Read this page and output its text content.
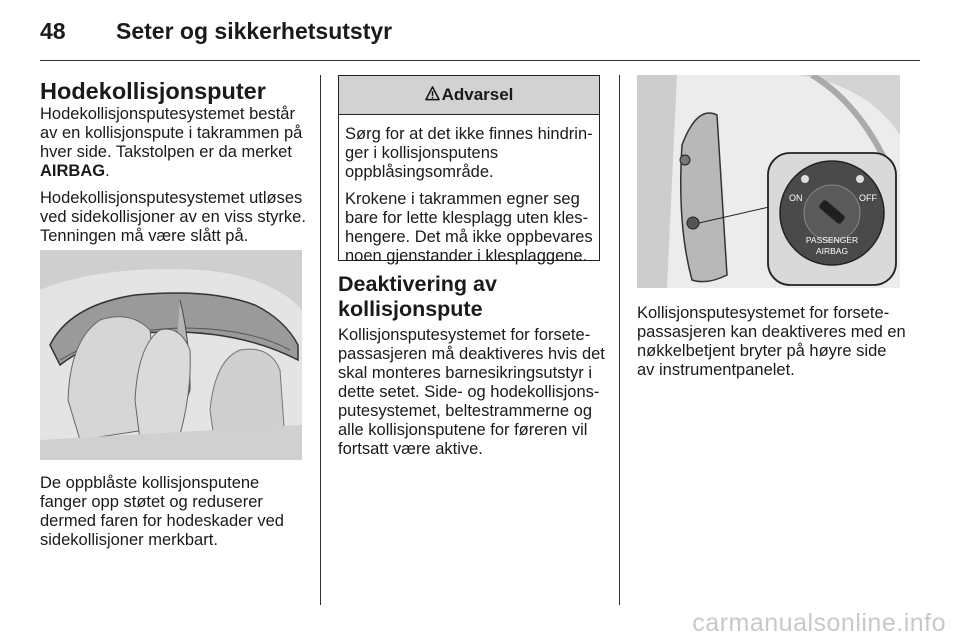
48 Seter og sikkerhetsutstyr
Hodekollisjonsputer

Hodekollisjonsputesystemet består av en kollisjonspute i takrammen på hver side. Takstolpen er da merket AIRBAG.

Hodekollisjonsputesystemet utløses ved sidekollisjoner av en viss styrke. Tenningen må være slått på.

De oppblåste kollisjonsputene fanger opp støtet og reduserer dermed faren for hodeskader ved sidekollisjoner merkbart.

Advarsel

Sørg for at det ikke finnes hindringer i kollisjonsputens oppblåsingsområde.

Krokene i takrammen egner seg bare for lette klesplagg uten kleshengere. Det må ikke oppbevares noen gjenstander i klesplaggene.

Deaktivering av kollisjonspute

Kollisjonsputesystemet for forsetepassasjeren må deaktiveres hvis det skal monteres barnesikringsutstyr i dette setet. Side- og hodekollisjonsputesystemet, beltestrammerne og alle kollisjonsputene for føreren vil fortsatt være aktive.

ON	OFF
PASSENGER
AIRBAG

Kollisjonsputesystemet for forsetepassasjeren kan deaktiveres med en nøkkelbetjent bryter på høyre side av instrumentpanelet.

carmanualsonline.info
